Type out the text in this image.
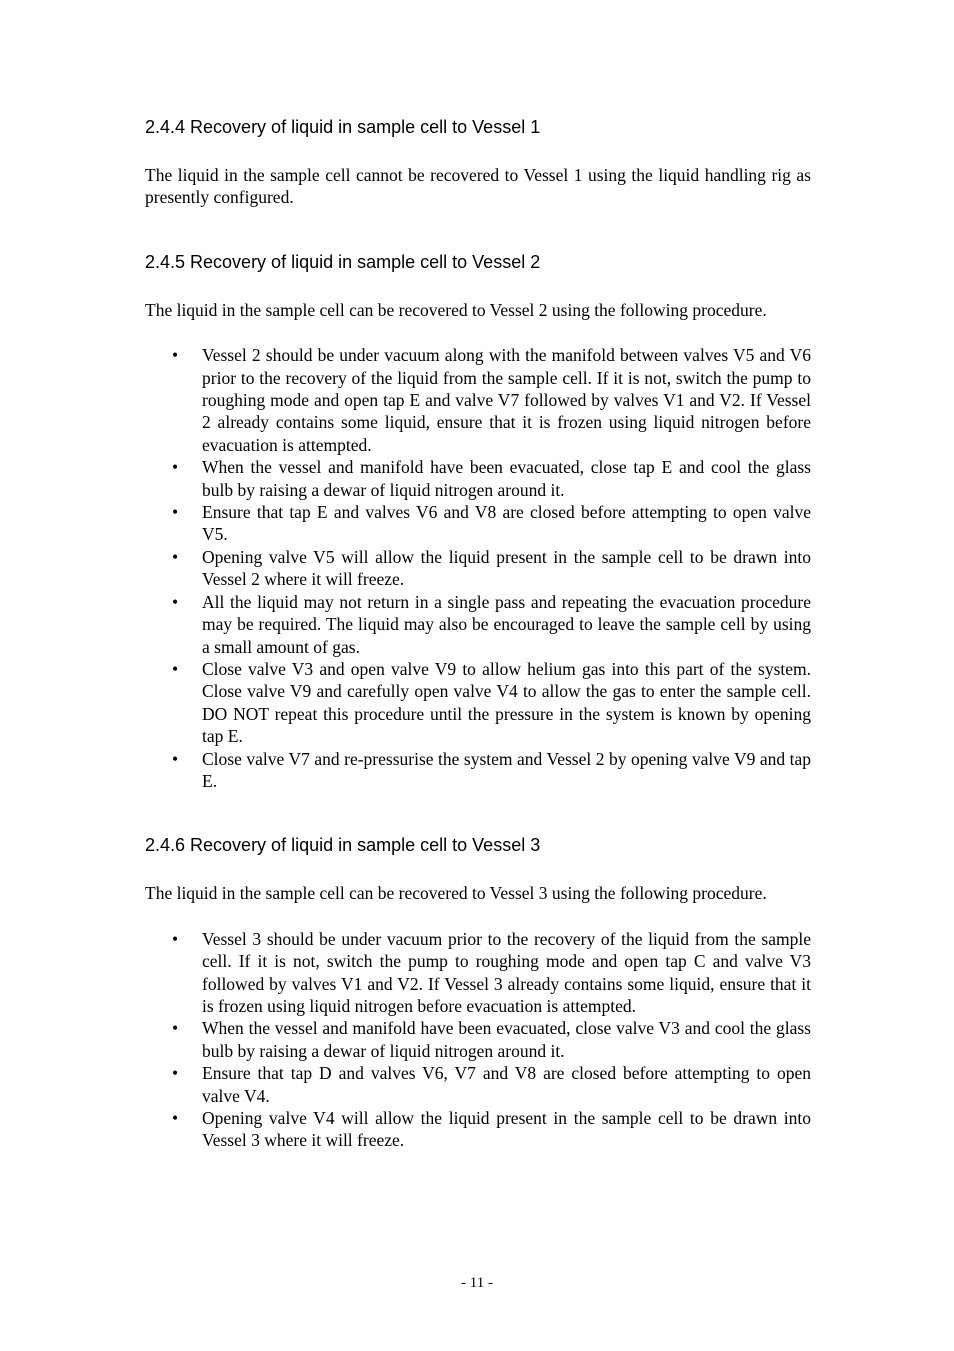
2.4.4 Recovery of liquid in sample cell to Vessel 1

The liquid in the sample cell cannot be recovered to Vessel 1 using the liquid handling rig as presently configured.

2.4.5 Recovery of liquid in sample cell to Vessel 2

The liquid in the sample cell can be recovered to Vessel 2 using the following procedure.

• Vessel 2 should be under vacuum along with the manifold between valves V5 and V6 prior to the recovery of the liquid from the sample cell. If it is not, switch the pump to roughing mode and open tap E and valve V7 followed by valves V1 and V2. If Vessel 2 already contains some liquid, ensure that it is frozen using liquid nitrogen before evacuation is attempted.
• When the vessel and manifold have been evacuated, close tap E and cool the glass bulb by raising a dewar of liquid nitrogen around it.
• Ensure that tap E and valves V6 and V8 are closed before attempting to open valve V5.
• Opening valve V5 will allow the liquid present in the sample cell to be drawn into Vessel 2 where it will freeze.
• All the liquid may not return in a single pass and repeating the evacuation procedure may be required. The liquid may also be encouraged to leave the sample cell by using a small amount of gas.
• Close valve V3 and open valve V9 to allow helium gas into this part of the system. Close valve V9 and carefully open valve V4 to allow the gas to enter the sample cell. DO NOT repeat this procedure until the pressure in the system is known by opening tap E.
• Close valve V7 and re-pressurise the system and Vessel 2 by opening valve V9 and tap E.
2.4.6 Recovery of liquid in sample cell to Vessel 3

The liquid in the sample cell can be recovered to Vessel 3 using the following procedure.

• Vessel 3 should be under vacuum prior to the recovery of the liquid from the sample cell. If it is not, switch the pump to roughing mode and open tap C and valve V3 followed by valves V1 and V2. If Vessel 3 already contains some liquid, ensure that it is frozen using liquid nitrogen before evacuation is attempted.
• When the vessel and manifold have been evacuated, close valve V3 and cool the glass bulb by raising a dewar of liquid nitrogen around it.
• Ensure that tap D and valves V6, V7 and V8 are closed before attempting to open valve V4.
• Opening valve V4 will allow the liquid present in the sample cell to be drawn into Vessel 3 where it will freeze.
- 11 -
